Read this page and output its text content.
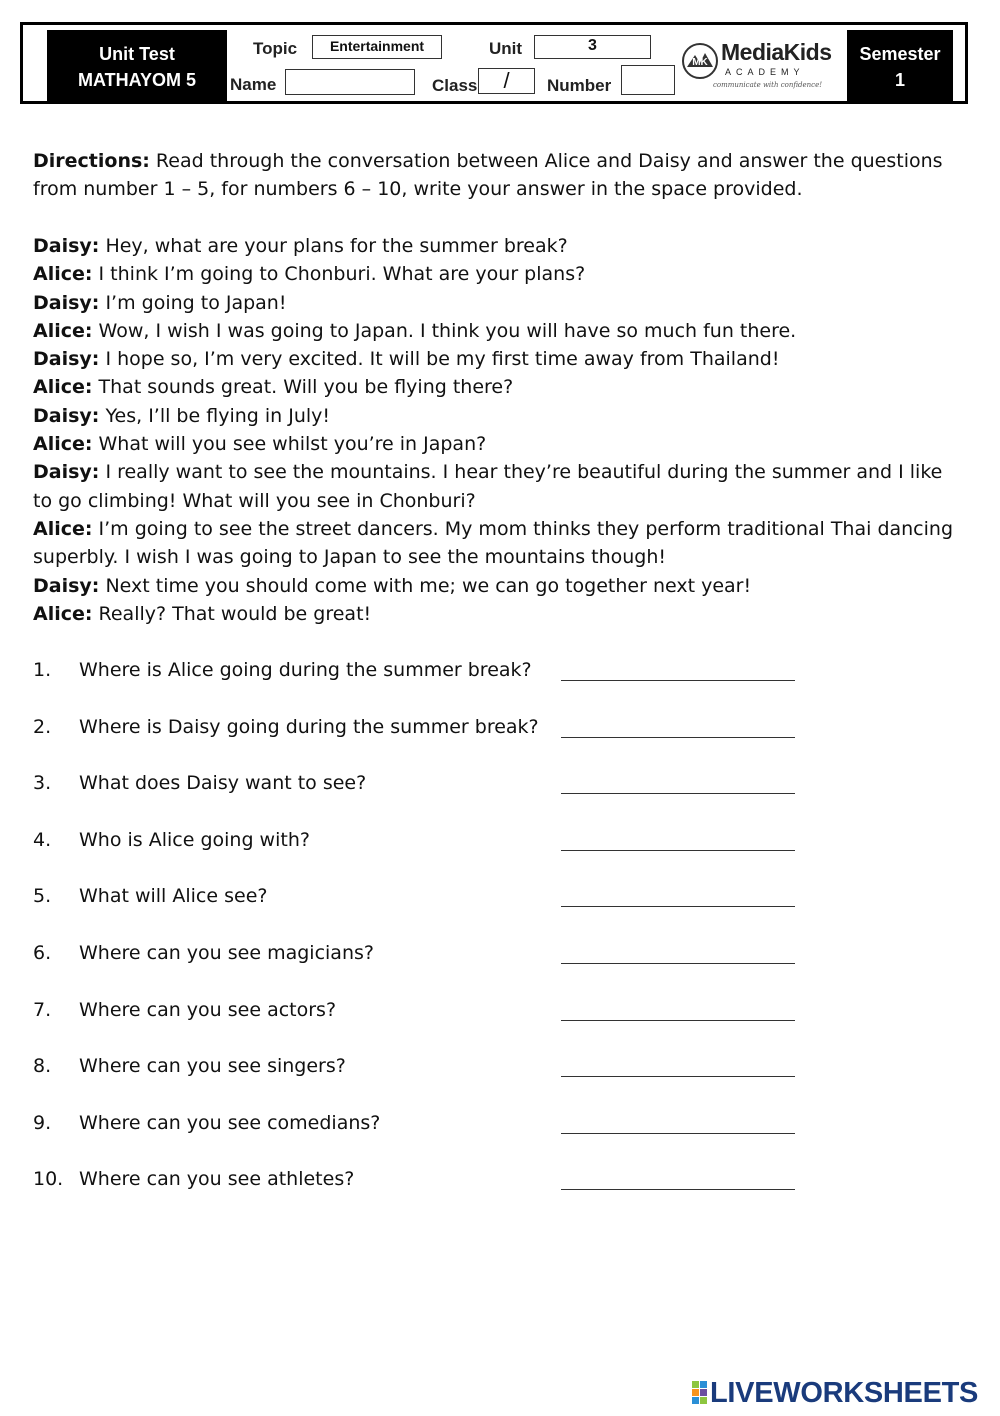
Unit Test
MATHAYOM 5
Topic	Entertainment	Unit	3
Name	Class	/	Number
MK MediaKids
ACADEMY
communicate with confidence!
Semester
1
Directions: Read through the conversation between Alice and Daisy and answer the questions from number 1 – 5, for numbers 6 – 10, write your answer in the space provided.

Daisy: Hey, what are your plans for the summer break?

Alice: I think I’m going to Chonburi. What are your plans?

Daisy: I’m going to Japan!

Alice: Wow, I wish I was going to Japan. I think you will have so much fun there.

Daisy: I hope so, I’m very excited. It will be my first time away from Thailand!

Alice: That sounds great. Will you be flying there?

Daisy: Yes, I’ll be flying in July!

Alice: What will you see whilst you’re in Japan?

Daisy: I really want to see the mountains. I hear they’re beautiful during the summer and I like to go climbing! What will you see in Chonburi?

Alice: I’m going to see the street dancers. My mom thinks they perform traditional Thai dancing superbly. I wish I was going to Japan to see the mountains though!

Daisy: Next time you should come with me; we can go together next year!

Alice: Really? That would be great!

1. Where is Alice going during the summer break?
2. Where is Daisy going during the summer break?
3. What does Daisy want to see?
4. Who is Alice going with?
5. What will Alice see?
6. Where can you see magicians?
7. Where can you see actors?
8. Where can you see singers?
9. Where can you see comedians?
10. Where can you see athletes?
LIVEWORKSHEETS
